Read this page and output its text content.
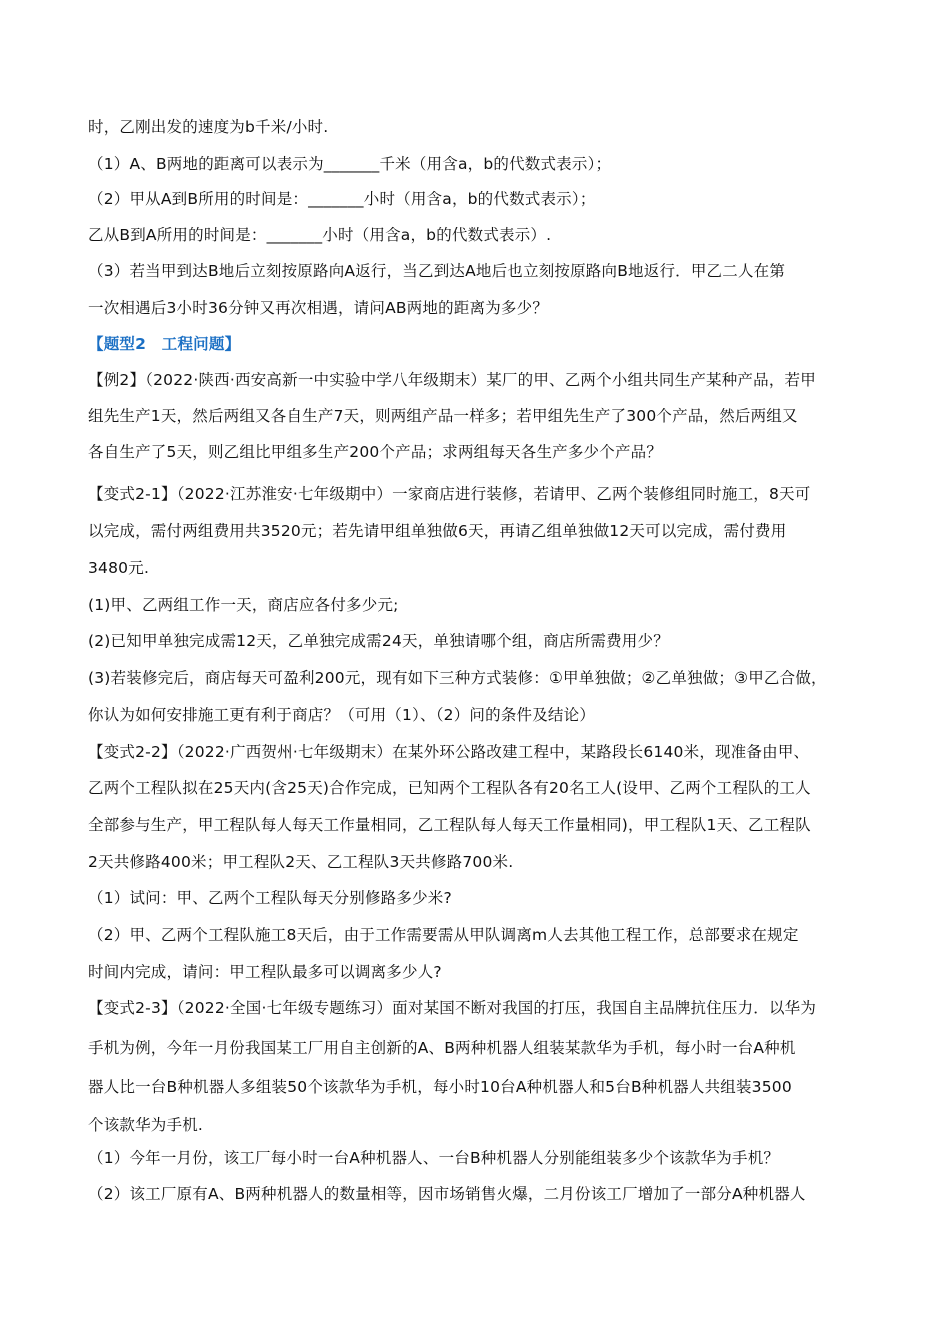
时，乙刚出发的速度为b千米/小时.
（1）A、B两地的距离可以表示为_______千米（用含a，b的代数式表示）；
（2）甲从A到B所用的时间是：_______小时（用含a，b的代数式表示）；
乙从B到A所用的时间是：_______小时（用含a，b的代数式表示）.
（3）若当甲到达B地后立刻按原路向A返行，当乙到达A地后也立刻按原路向B地返行．甲乙二人在第
一次相遇后3小时36分钟又再次相遇，请问AB两地的距离为多少？
【题型2　工程问题】
【例2】（2022·陕西·西安高新一中实验中学八年级期末）某厂的甲、乙两个小组共同生产某种产品，若甲
组先生产1天，然后两组又各自生产7天，则两组产品一样多；若甲组先生产了300个产品，然后两组又
各自生产了5天，则乙组比甲组多生产200个产品；求两组每天各生产多少个产品？
【变式2-1】（2022·江苏淮安·七年级期中）一家商店进行装修，若请甲、乙两个装修组同时施工，8天可
以完成，需付两组费用共3520元；若先请甲组单独做6天，再请乙组单独做12天可以完成，需付费用
3480元.
(1)甲、乙两组工作一天，商店应各付多少元;
(2)已知甲单独完成需12天，乙单独完成需24天，单独请哪个组，商店所需费用少？
(3)若装修完后，商店每天可盈利200元，现有如下三种方式装修：①甲单独做；②乙单独做；③甲乙合做，
你认为如何安排施工更有利于商店？（可用（1）、（2）问的条件及结论）
【变式2-2】（2022·广西贺州·七年级期末）在某外环公路改建工程中，某路段长6140米，现准备由甲、
乙两个工程队拟在25天内(含25天)合作完成，已知两个工程队各有20名工人(设甲、乙两个工程队的工人
全部参与生产，甲工程队每人每天工作量相同，乙工程队每人每天工作量相同)，甲工程队1天、乙工程队
2天共修路400米；甲工程队2天、乙工程队3天共修路700米.
（1）试问：甲、乙两个工程队每天分别修路多少米?
（2）甲、乙两个工程队施工8天后，由于工作需要需从甲队调离m人去其他工程工作，总部要求在规定
时间内完成，请问：甲工程队最多可以调离多少人?
【变式2-3】（2022·全国·七年级专题练习）面对某国不断对我国的打压，我国自主品牌抗住压力．以华为
手机为例，今年一月份我国某工厂用自主创新的A、B两种机器人组装某款华为手机，每小时一台A种机
器人比一台B种机器人多组装50个该款华为手机，每小时10台A种机器人和5台B种机器人共组装3500
个该款华为手机.
（1）今年一月份，该工厂每小时一台A种机器人、一台B种机器人分别能组装多少个该款华为手机？
（2）该工厂原有A、B两种机器人的数量相等，因市场销售火爆，二月份该工厂增加了一部分A种机器人
